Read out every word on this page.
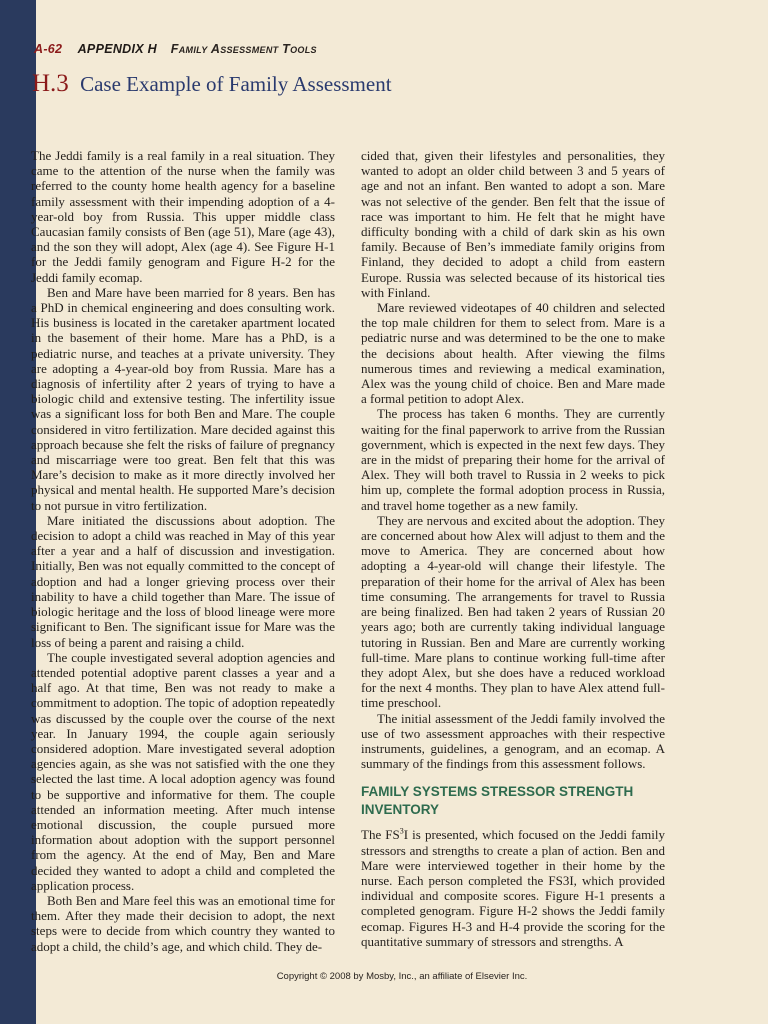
A-62 APPENDIX H Family Assessment Tools
H.3 Case Example of Family Assessment

The Jeddi family is a real family in a real situation. They came to the attention of the nurse when the family was referred to the county home health agency for a baseline family assessment with their impending adoption of a 4-year-old boy from Russia. This upper middle class Caucasian family consists of Ben (age 51), Mare (age 43), and the son they will adopt, Alex (age 4). See Figure H-1 for the Jeddi family genogram and Figure H-2 for the Jeddi family ecomap.

Ben and Mare have been married for 8 years. Ben has a PhD in chemical engineering and does consulting work. His business is located in the caretaker apartment located in the basement of their home. Mare has a PhD, is a pediatric nurse, and teaches at a private university. They are adopting a 4-year-old boy from Russia. Mare has a diagnosis of infertility after 2 years of trying to have a biologic child and extensive testing. The infertility issue was a significant loss for both Ben and Mare. The couple considered in vitro fertilization. Mare decided against this approach because she felt the risks of failure of pregnancy and miscarriage were too great. Ben felt that this was Mare’s decision to make as it more directly involved her physical and mental health. He supported Mare’s decision to not pursue in vitro fertilization.

Mare initiated the discussions about adoption. The decision to adopt a child was reached in May of this year after a year and a half of discussion and investigation. Initially, Ben was not equally committed to the concept of adoption and had a longer grieving process over their inability to have a child together than Mare. The issue of biologic heritage and the loss of blood lineage were more significant to Ben. The significant issue for Mare was the loss of being a parent and raising a child.

The couple investigated several adoption agencies and attended potential adoptive parent classes a year and a half ago. At that time, Ben was not ready to make a commitment to adoption. The topic of adoption repeatedly was discussed by the couple over the course of the next year. In January 1994, the couple again seriously considered adoption. Mare investigated several adoption agencies again, as she was not satisfied with the one they selected the last time. A local adoption agency was found to be supportive and informative for them. The couple attended an information meeting. After much intense emotional discussion, the couple pursued more information about adoption with the support personnel from the agency. At the end of May, Ben and Mare decided they wanted to adopt a child and completed the application process.

Both Ben and Mare feel this was an emotional time for them. After they made their decision to adopt, the next steps were to decide from which country they wanted to adopt a child, the child’s age, and which child. They de-

cided that, given their lifestyles and personalities, they wanted to adopt an older child between 3 and 5 years of age and not an infant. Ben wanted to adopt a son. Mare was not selective of the gender. Ben felt that the issue of race was important to him. He felt that he might have difficulty bonding with a child of dark skin as his own family. Because of Ben’s immediate family origins from Finland, they decided to adopt a child from eastern Europe. Russia was selected because of its historical ties with Finland.

Mare reviewed videotapes of 40 children and selected the top male children for them to select from. Mare is a pediatric nurse and was determined to be the one to make the decisions about health. After viewing the films numerous times and reviewing a medical examination, Alex was the young child of choice. Ben and Mare made a formal petition to adopt Alex.

The process has taken 6 months. They are currently waiting for the final paperwork to arrive from the Russian government, which is expected in the next few days. They are in the midst of preparing their home for the arrival of Alex. They will both travel to Russia in 2 weeks to pick him up, complete the formal adoption process in Russia, and travel home together as a new family.

They are nervous and excited about the adoption. They are concerned about how Alex will adjust to them and the move to America. They are concerned about how adopting a 4-year-old will change their lifestyle. The preparation of their home for the arrival of Alex has been time consuming. The arrangements for travel to Russia are being finalized. Ben had taken 2 years of Russian 20 years ago; both are currently taking individual language tutoring in Russian. Ben and Mare are currently working full-time. Mare plans to continue working full-time after they adopt Alex, but she does have a reduced workload for the next 4 months. They plan to have Alex attend full-time preschool.

The initial assessment of the Jeddi family involved the use of two assessment approaches with their respective instruments, guidelines, a genogram, and an ecomap. A summary of the findings from this assessment follows.

FAMILY SYSTEMS STRESSOR STRENGTH INVENTORY

The $FS^3I$ is presented, which focused on the Jeddi family stressors and strengths to create a plan of action. Ben and Mare were interviewed together in their home by the nurse. Each person completed the FS3I, which provided individual and composite scores. Figure H-1 presents a completed genogram. Figure H-2 shows the Jeddi family ecomap. Figures H-3 and H-4 provide the scoring for the quantitative summary of stressors and strengths. A

Copyright © 2008 by Mosby, Inc., an affiliate of Elsevier Inc.
